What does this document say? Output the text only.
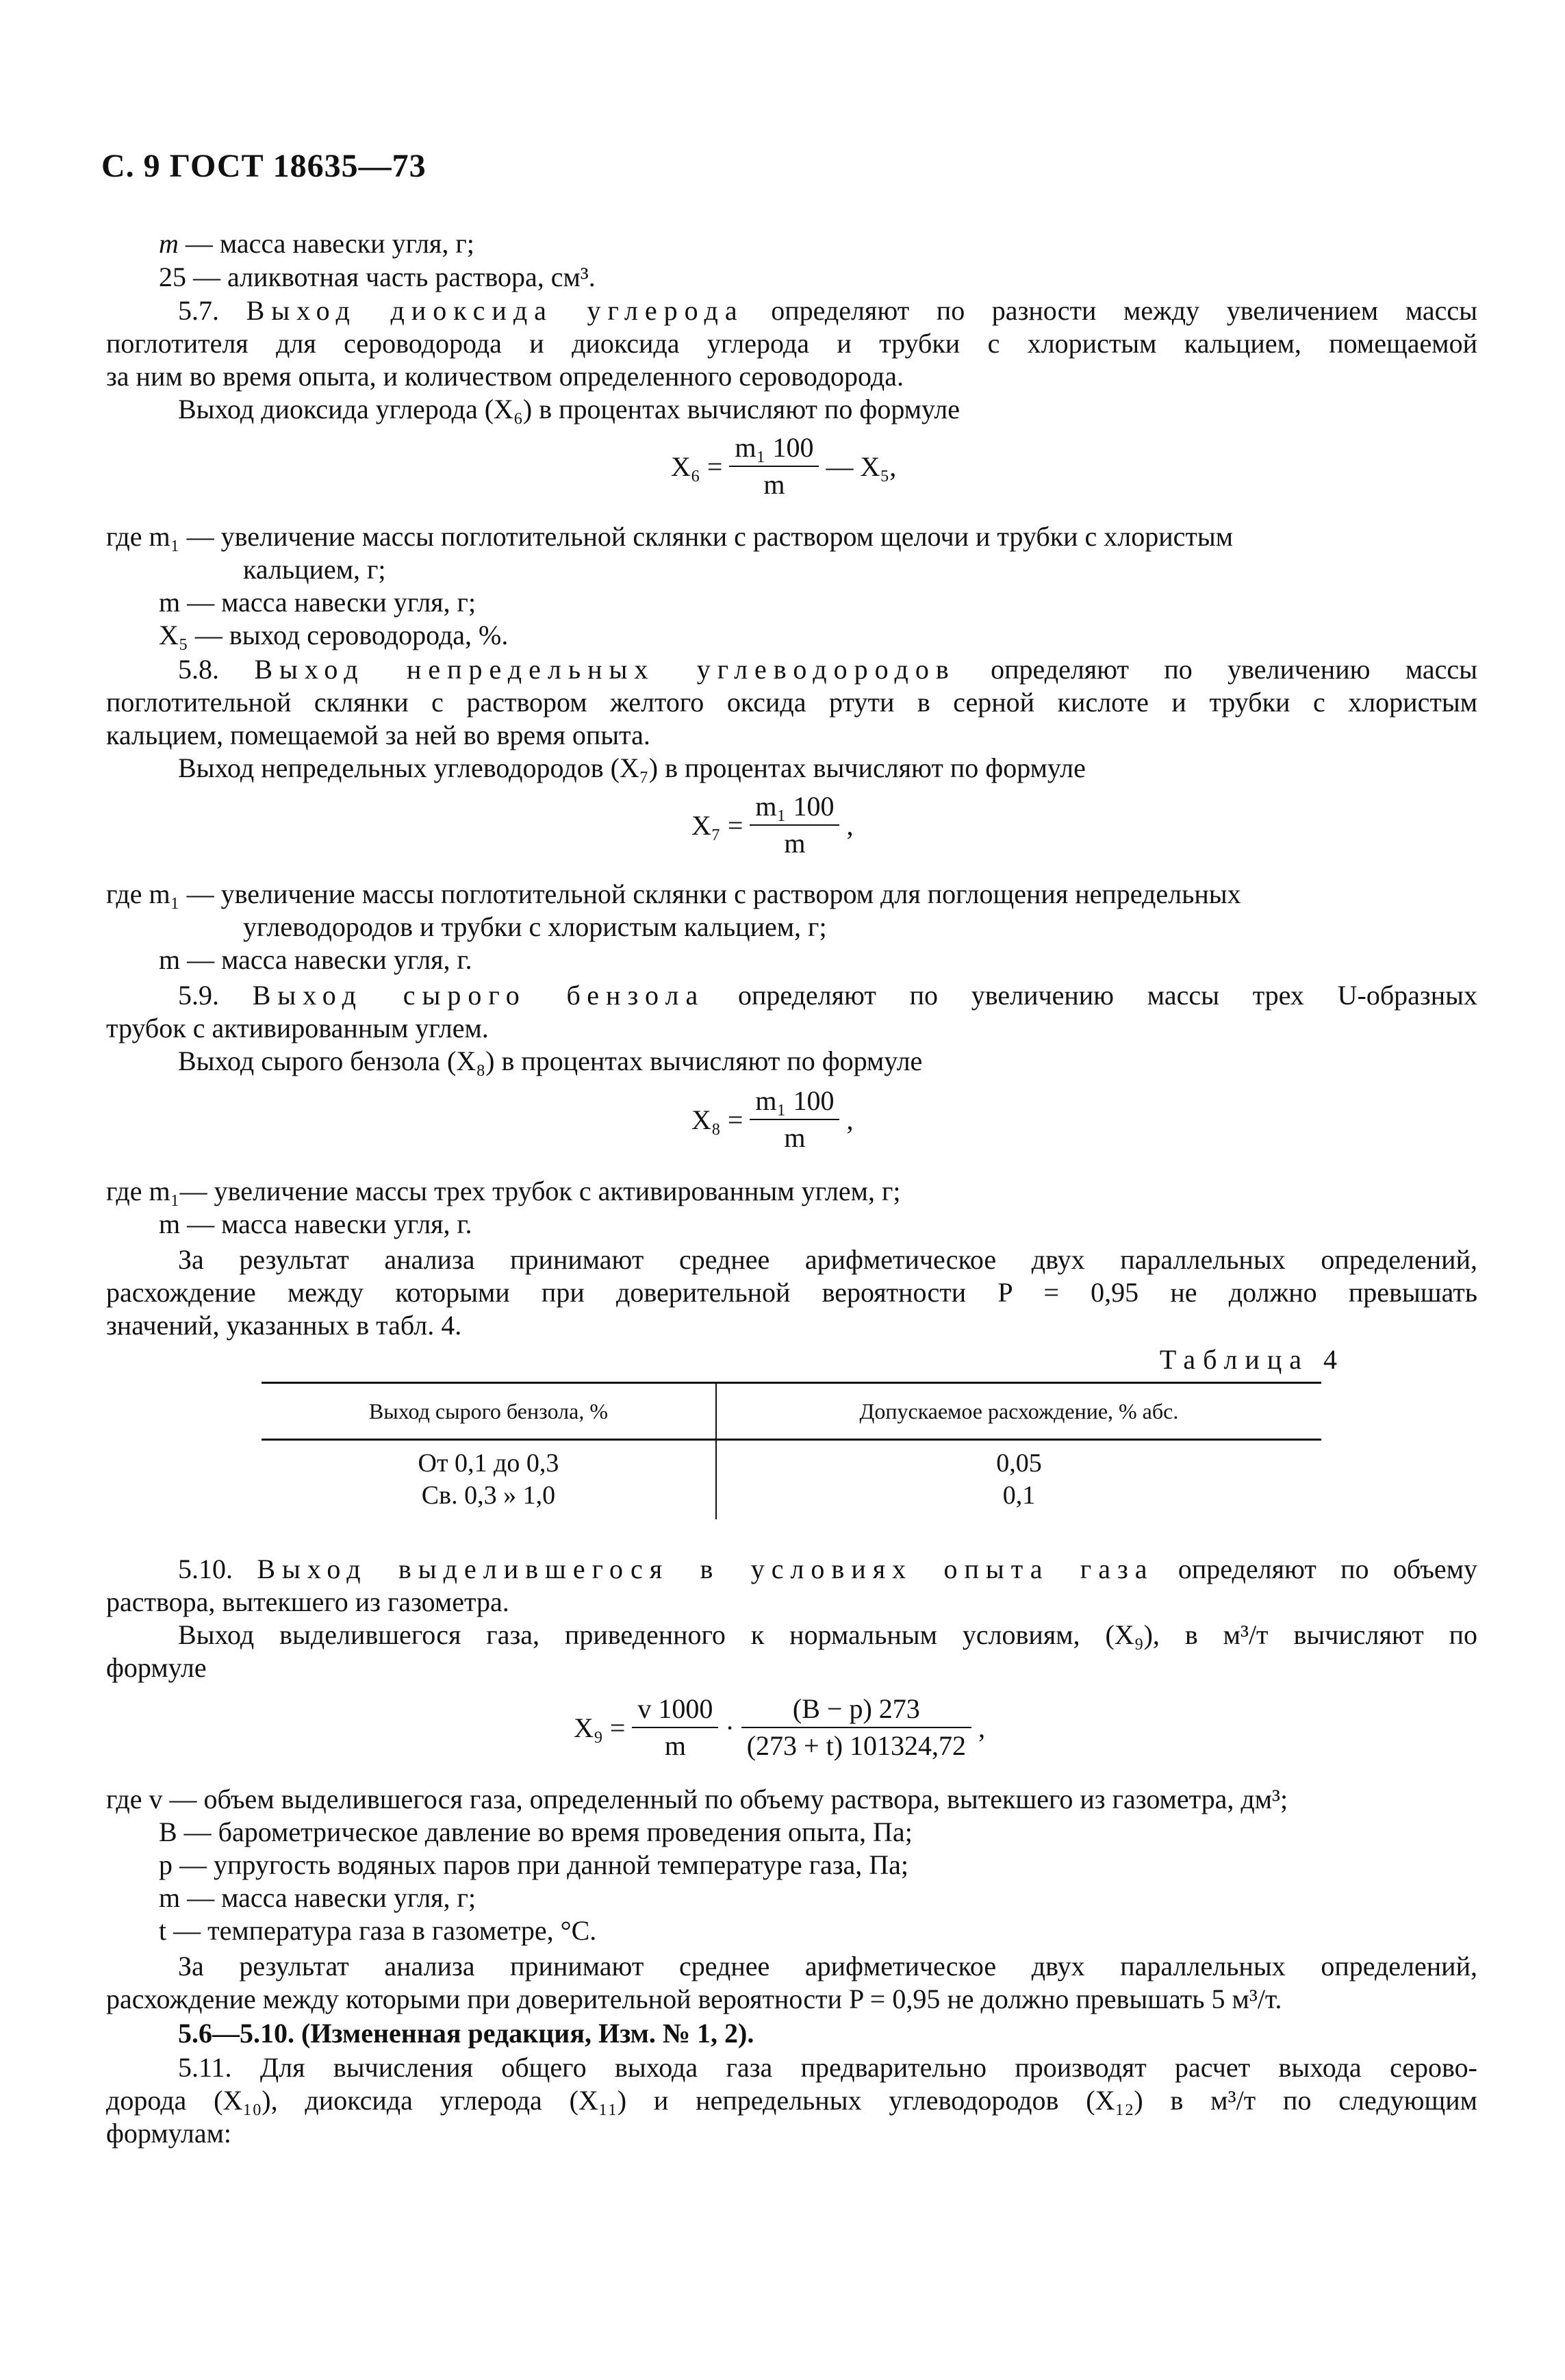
С. 9 ГОСТ 18635—73
m — масса навески угля, г;
25 — аликвотная часть раствора, см³.
5.7. Выход диоксида углерода определяют по разности между увеличением массы
поглотителя для сероводорода и диоксида углерода и трубки с хлористым кальцием, помещаемой
за ним во время опыта, и количеством определенного сероводорода.
Выход диоксида углерода (X₆) в процентах вычисляют по формуле
$X_6 = \frac{\text{m₁ 100}}{m}$ — X₅,
где m₁ — увеличение массы поглотительной склянки с раствором щелочи и трубки с хлористым
кальцием, г;
m — масса навески угля, г;
X₅ — выход сероводорода, %.
5.8. Выход непредельных углеводородов определяют по увеличению массы
поглотительной склянки с раствором желтого оксида ртути в серной кислоте и трубки с хлористым
кальцием, помещаемой за ней во время опыта.
Выход непредельных углеводородов (X₇) в процентах вычисляют по формуле
$X_7 = \frac{\text{m₁ 100}}{m}$ ,
где m₁ — увеличение массы поглотительной склянки с раствором для поглощения непредельных
углеводородов и трубки с хлористым кальцием, г;
m — масса навески угля, г.
5.9. Выход сырого бензола определяют по увеличению массы трех U-образных
трубок с активированным углем.
Выход сырого бензола (X₈) в процентах вычисляют по формуле
$X_8 = \frac{\text{m₁ 100}}{m}$ ,
где m₁— увеличение массы трех трубок с активированным углем, г;
m — масса навески угля, г.
За результат анализа принимают среднее арифметическое двух параллельных определений,
расхождение между которыми при доверительной вероятности P = 0,95 не должно превышать
значений, указанных в табл. 4.
Таблица 4
Выход сырого бензола, %	Допускаемое расхождение, % абс.
От 0,1 до 0,3	0,05
Св. 0,3 » 1,0	0,1
5.10. Выход выделившегося в условиях опыта газа определяют по объему
раствора, вытекшего из газометра.
Выход выделившегося газа, приведенного к нормальным условиям, (X₉), в м³/т вычисляют по
формуле
$X_9 = \frac{v 1000}{m} \cdot \frac{(B - p) 273}{(273 + t) 101324,72}$ ,
где v — объем выделившегося газа, определенный по объему раствора, вытекшего из газометра, дм³;
B — барометрическое давление во время проведения опыта, Па;
p — упругость водяных паров при данной температуре газа, Па;
m — масса навески угля, г;
t — температура газа в газометре, °С.
За результат анализа принимают среднее арифметическое двух параллельных определений,
расхождение между которыми при доверительной вероятности P = 0,95 не должно превышать 5 м³/т.
5.6—5.10. (Измененная редакция, Изм. № 1, 2).
5.11. Для вычисления общего выхода газа предварительно производят расчет выхода серово-
дорода (X₁₀), диоксида углерода (X₁₁) и непредельных углеводородов (X₁₂) в м³/т по следующим
формулам:
